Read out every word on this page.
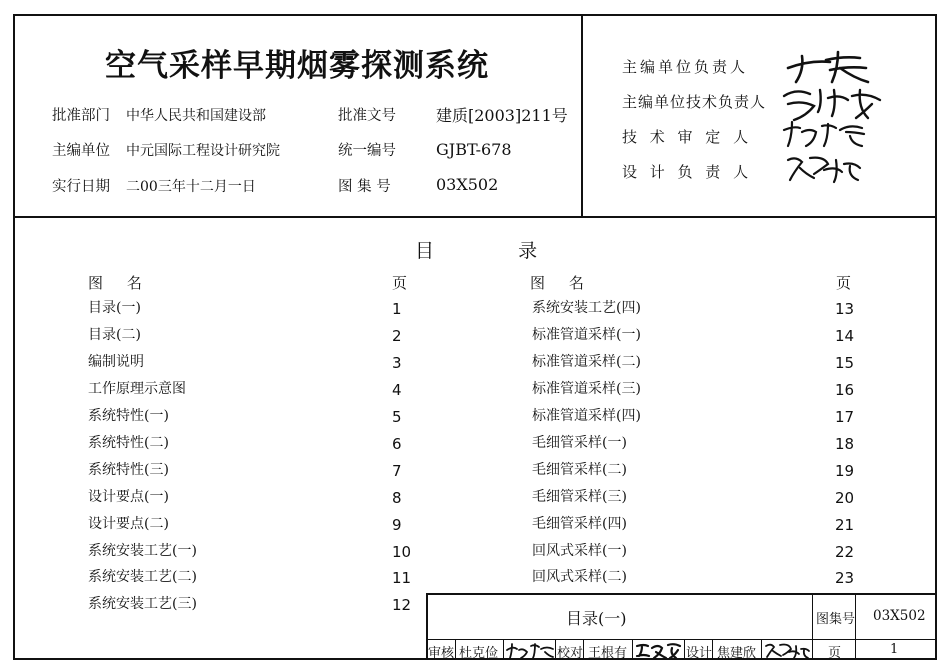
空气采样早期烟雾探测系统
批准部门 中华人民共和国建设部
主编单位 中元国际工程设计研究院
实行日期 二00三年十二月一日
批准文号	建质[2003]211号
统一编号	GJBT-678
图 集 号	03X502
主编单位负责人
主编单位技术负责人
技 术 审 定 人
设 计 负 责 人
目	录
图     名	页	图     名	页
目录(一)	1
目录(二)	2
编制说明	3
工作原理示意图	4
系统特性(一)	5
系统特性(二)	6
系统特性(三)	7
设计要点(一)	8
设计要点(二)	9
系统安装工艺(一)	10
系统安装工艺(二)	11
系统安装工艺(三)	12
系统安装工艺(四)	13
标准管道采样(一)	14
标准管道采样(二)	15
标准管道采样(三)	16
标准管道采样(四)	17
毛细管采样(一)	18
毛细管采样(二)	19
毛细管采样(三)	20
毛细管采样(四)	21
回风式采样(一)	22
回风式采样(二)	23
目录(一)	图集号 03X502
审核 杜克俭	校对 王根有	设计 焦建欣	页	1
